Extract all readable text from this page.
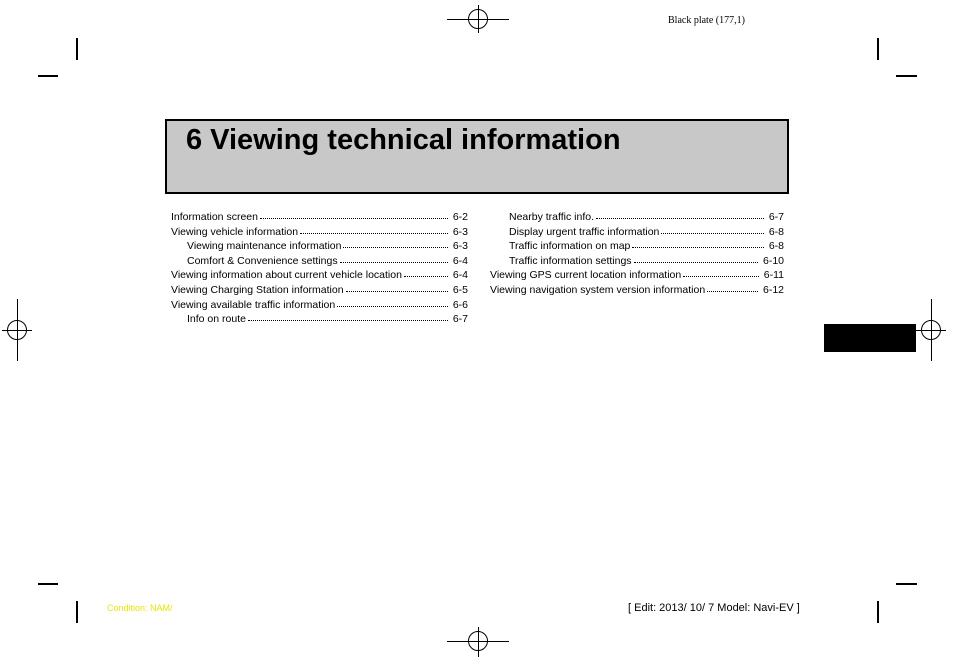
Black plate (177,1)
6 Viewing technical information
Information screen	6-2
Viewing vehicle information	6-3
Viewing maintenance information	6-3
Comfort & Convenience settings	6-4
Viewing information about current vehicle location	6-4
Viewing Charging Station information	6-5
Viewing available traffic information	6-6
Info on route	6-7
Nearby traffic info.	6-7
Display urgent traffic information	6-8
Traffic information on map	6-8
Traffic information settings	6-10
Viewing GPS current location information	6-11
Viewing navigation system version information	6-12
Condition: NAM/	[ Edit: 2013/ 10/ 7 Model: Navi-EV ]
